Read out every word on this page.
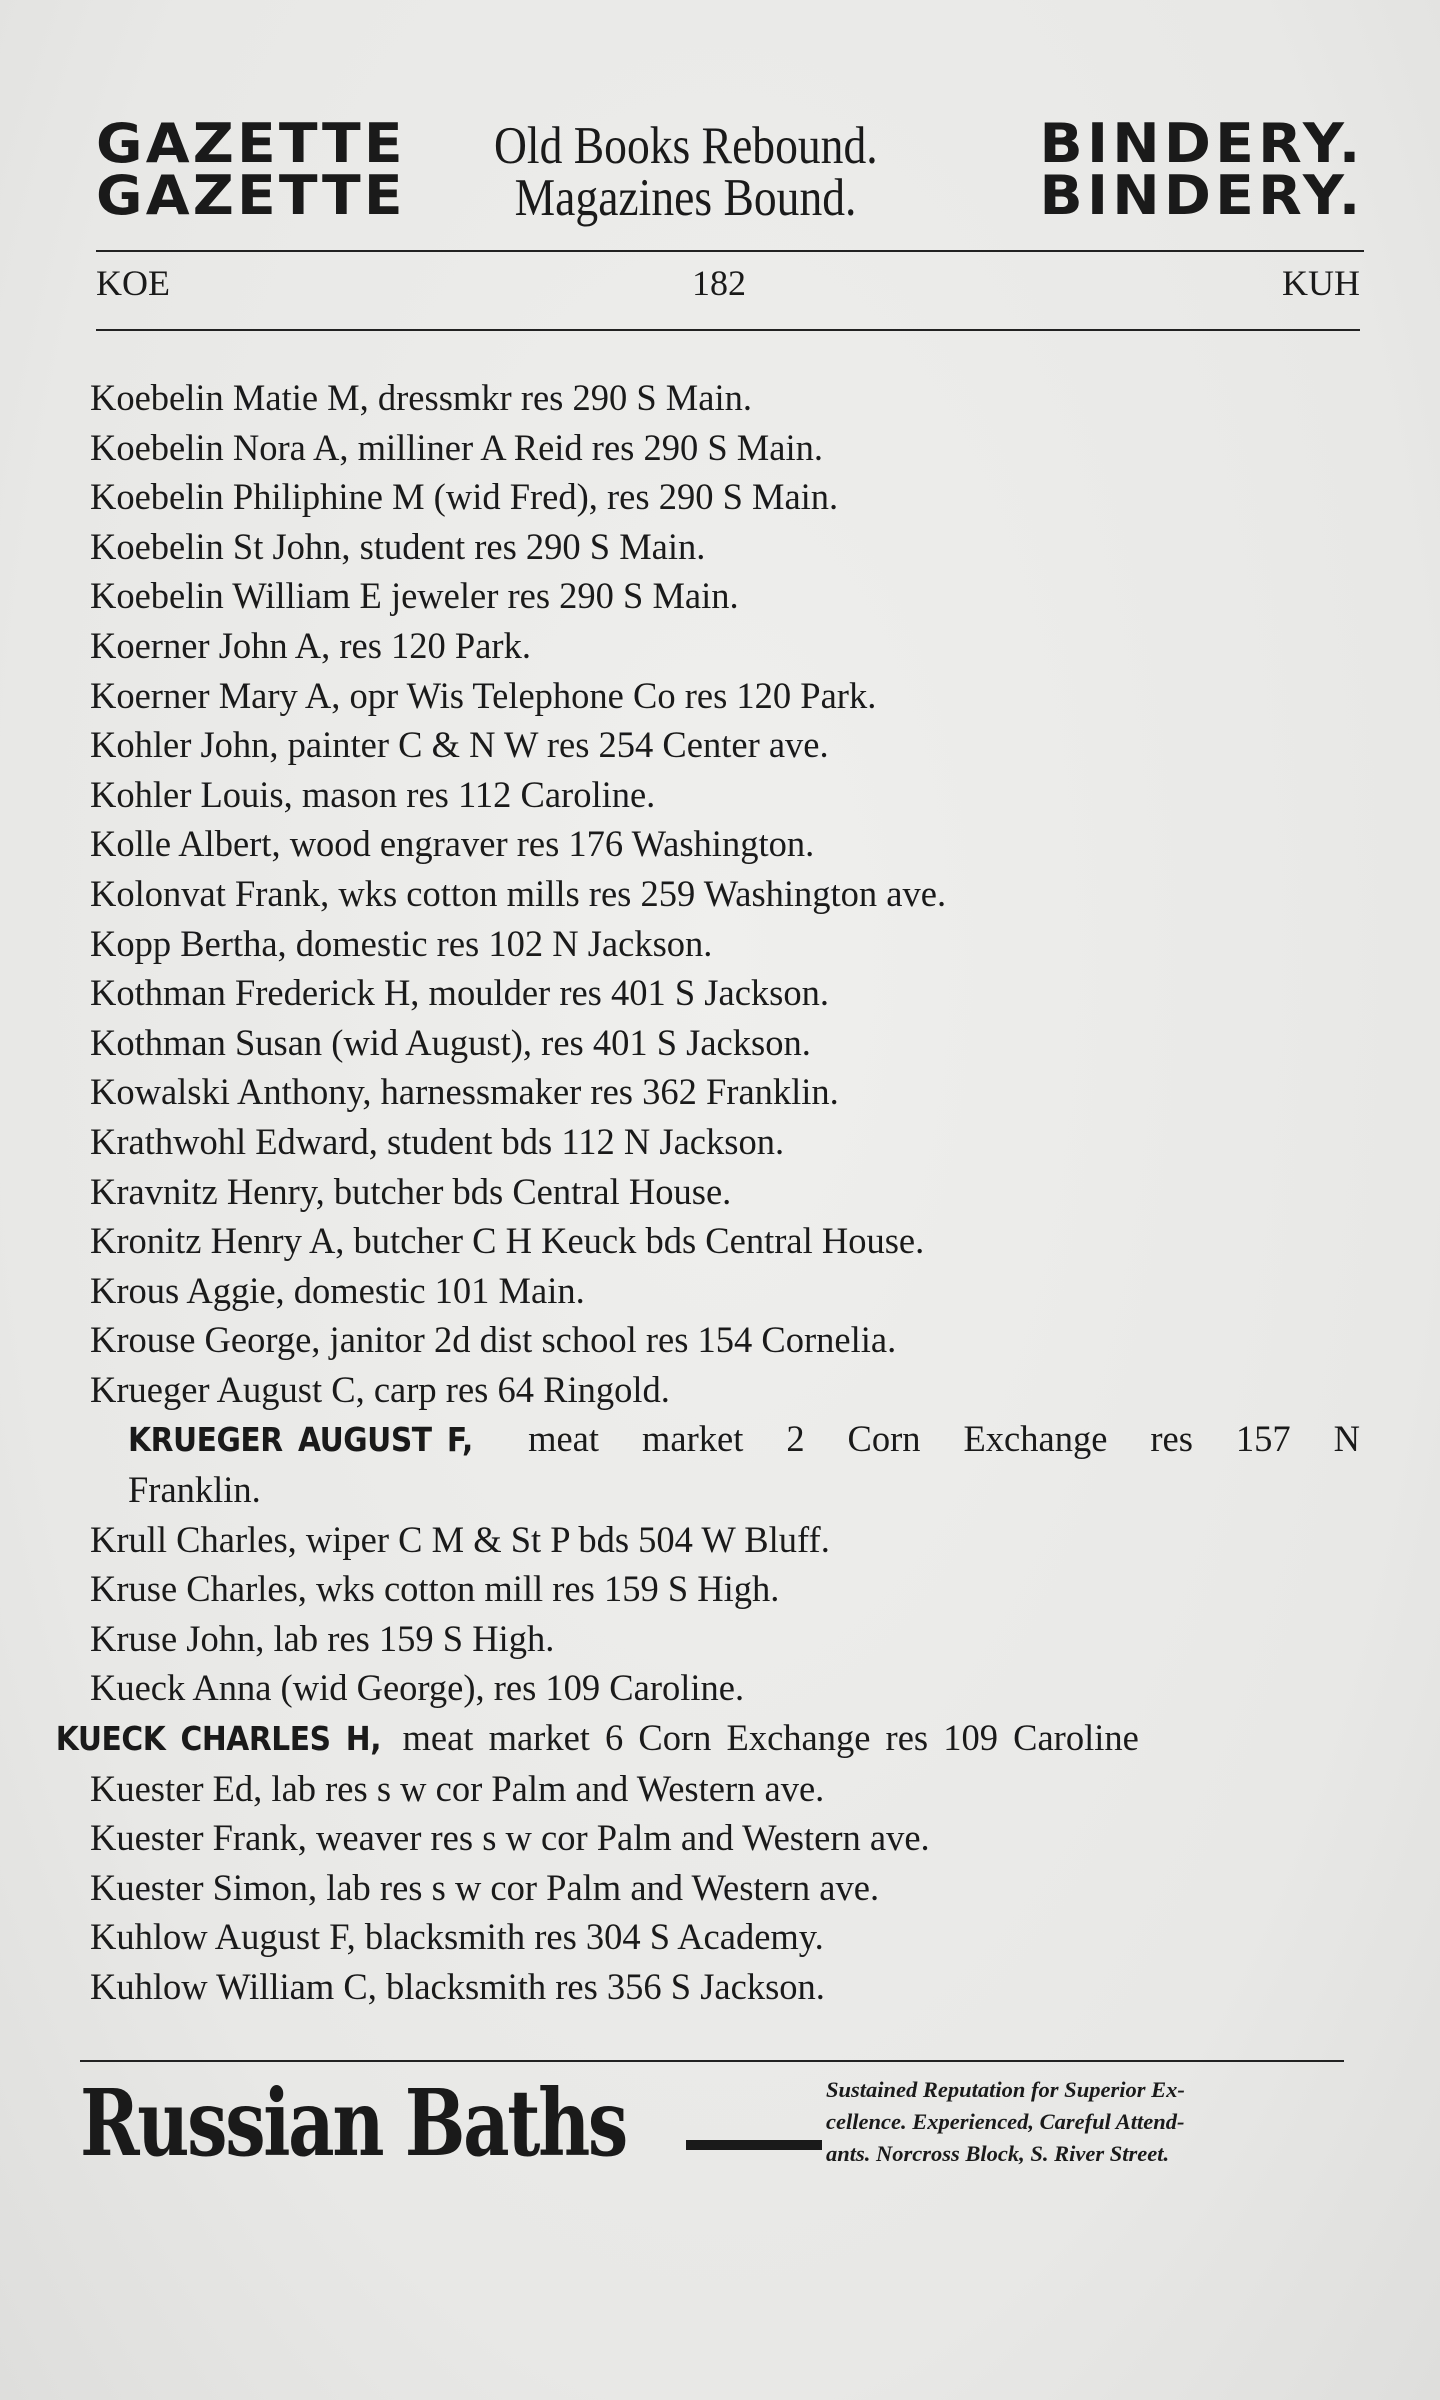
GAZETTE
GAZETTE
Old Books Rebound.
Magazines Bound.
BINDERY.
BINDERY.
KOE	182	KUH
Koebelin Matie M, dressmkr res 290 S Main.
Koebelin Nora A, milliner A Reid res 290 S Main.
Koebelin Philiphine M (wid Fred), res 290 S Main.
Koebelin St John, student res 290 S Main.
Koebelin William E jeweler res 290 S Main.
Koerner John A, res 120 Park.
Koerner Mary A, opr Wis Telephone Co res 120 Park.
Kohler John, painter C & N W res 254 Center ave.
Kohler Louis, mason res 112 Caroline.
Kolle Albert, wood engraver res 176 Washington.
Kolonvat Frank, wks cotton mills res 259 Washington ave.
Kopp Bertha, domestic res 102 N Jackson.
Kothman Frederick H, moulder res 401 S Jackson.
Kothman Susan (wid August), res 401 S Jackson.
Kowalski Anthony, harnessmaker res 362 Franklin.
Krathwohl Edward, student bds 112 N Jackson.
Kravnitz Henry, butcher bds Central House.
Kronitz Henry A, butcher C H Keuck bds Central House.
Krous Aggie, domestic 101 Main.
Krouse George, janitor 2d dist school res 154 Cornelia.
Krueger August C, carp res 64 Ringold.
KRUEGER AUGUST F, meat market 2 Corn Exchange res 157 N
Franklin.
Krull Charles, wiper C M & St P bds 504 W Bluff.
Kruse Charles, wks cotton mill res 159 S High.
Kruse John, lab res 159 S High.
Kueck Anna (wid George), res 109 Caroline.
KUECK CHARLES H, meat market 6 Corn Exchange res 109 Caroline
Kuester Ed, lab res s w cor Palm and Western ave.
Kuester Frank, weaver res s w cor Palm and Western ave.
Kuester Simon, lab res s w cor Palm and Western ave.
Kuhlow August F, blacksmith res 304 S Academy.
Kuhlow William C, blacksmith res 356 S Jackson.
Russian Baths	Sustained Reputation for Superior Ex-
cellence. Experienced, Careful Attend-
ants. Norcross Block, S. River Street.
